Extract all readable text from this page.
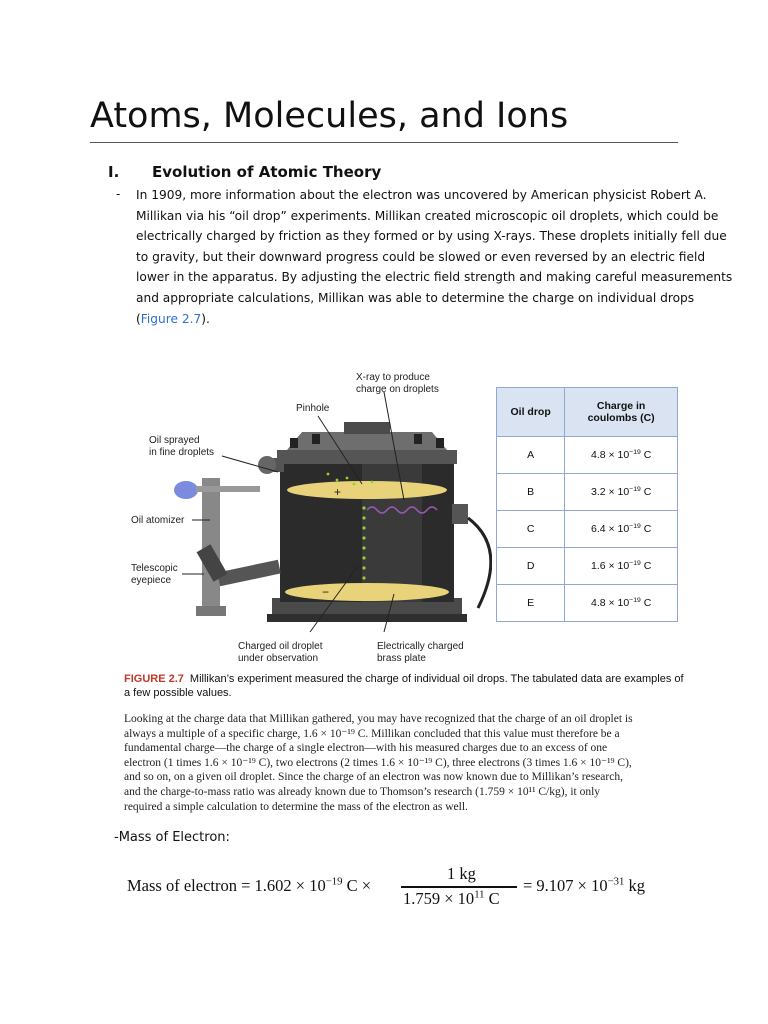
Atoms, Molecules, and Ions
I. Evolution of Atomic Theory
- In 1909, more information about the electron was uncovered by American physicist Robert A.
Millikan via his “oil drop” experiments. Millikan created microscopic oil droplets, which could be
electrically charged by friction as they formed or by using X-rays. These droplets initially fell due
to gravity, but their downward progress could be slowed or even reversed by an electric field
lower in the apparatus. By adjusting the electric field strength and making careful measurements
and appropriate calculations, Millikan was able to determine the charge on individual drops
(Figure 2.7).
+
−
X-ray to produce
charge on droplets
Pinhole
Oil sprayed
in fine droplets
Oil atomizer
Telescopic
eyepiece
Charged oil droplet
under observation
Electrically charged
brass plate
Oil drop	Charge in
coulombs (C)
A	$4.8 \times 10^{-19}$ C
B	$3.2 \times 10^{-19}$ C
C	$6.4 \times 10^{-19}$ C
D	$1.6 \times 10^{-19}$ C
E	$4.8 \times 10^{-19}$ C
FIGURE 2.7 Millikan’s experiment measured the charge of individual oil drops. The tabulated data are examples of a few possible values.
Looking at the charge data that Millikan gathered, you may have recognized that the charge of an oil droplet is
always a multiple of a specific charge, 1.6 × 10⁻¹⁹ C. Millikan concluded that this value must therefore be a
fundamental charge—the charge of a single electron—with his measured charges due to an excess of one
electron (1 times 1.6 × 10⁻¹⁹ C), two electrons (2 times 1.6 × 10⁻¹⁹ C), three electrons (3 times 1.6 × 10⁻¹⁹ C),
and so on, on a given oil droplet. Since the charge of an electron was now known due to Millikan’s research,
and the charge-to-mass ratio was already known due to Thomson’s research (1.759 × 10¹¹ C/kg), it only
required a simple calculation to determine the mass of the electron as well.
-Mass of Electron:
Mass of electron = $1.602 \times 10^{-19}$ C ×
1 kg
$1.759 \times 10^{11}$ C
= $9.107 \times 10^{-31}$ kg
